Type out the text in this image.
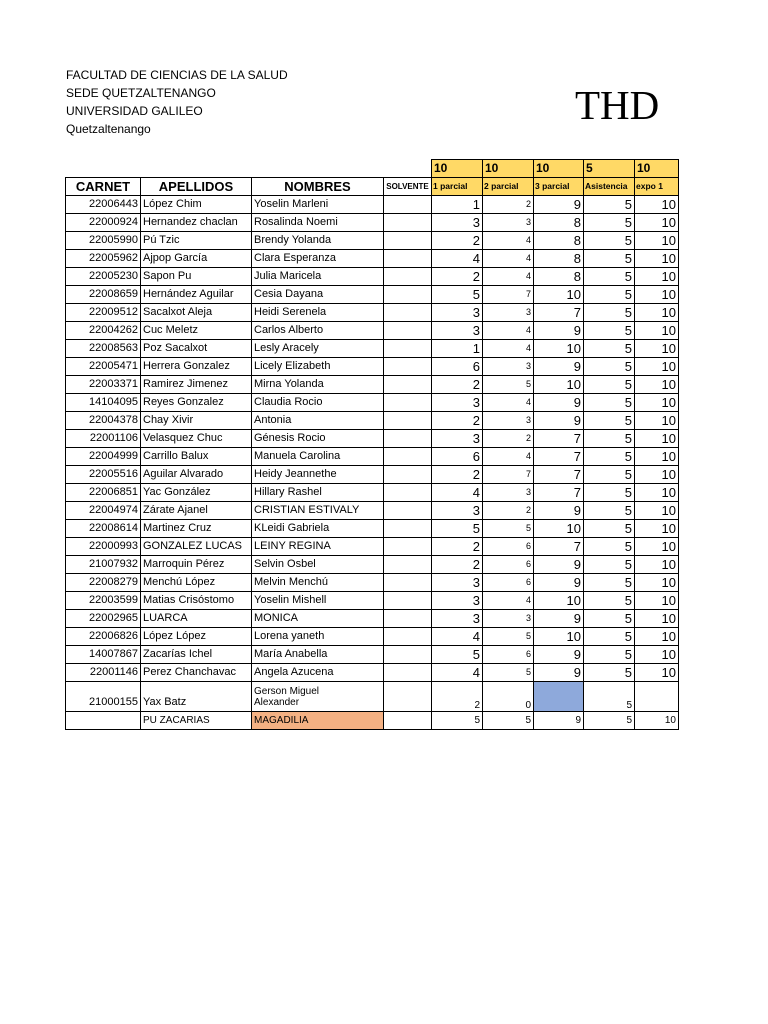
FACULTAD DE CIENCIAS DE LA SALUD
SEDE QUETZALTENANGO
UNIVERSIDAD GALILEO
Quetzaltenango
THD
				10	10	10	5	10
CARNET	APELLIDOS	NOMBRES	SOLVENTE	1 parcial	2 parcial	3 parcial	Asistencia	expo 1
22006443	López Chim	Yoselin Marleni		1	2	9	5	10
22000924	Hernandez chaclan	Rosalinda Noemi		3	3	8	5	10
22005990	Pú Tzic	Brendy Yolanda		2	4	8	5	10
22005962	Ajpop García	Clara Esperanza		4	4	8	5	10
22005230	Sapon Pu	Julia Maricela		2	4	8	5	10
22008659	Hernández Aguilar	Cesia Dayana		5	7	10	5	10
22009512	Sacalxot Aleja	Heidi Serenela		3	3	7	5	10
22004262	Cuc Meletz	Carlos Alberto		3	4	9	5	10
22008563	Poz Sacalxot	Lesly Aracely		1	4	10	5	10
22005471	Herrera Gonzalez	Licely Elizabeth		6	3	9	5	10
22003371	Ramirez Jimenez	Mirna Yolanda		2	5	10	5	10
14104095	Reyes Gonzalez	Claudia Rocio		3	4	9	5	10
22004378	Chay Xivir	Antonia		2	3	9	5	10
22001106	Velasquez Chuc	Génesis Rocio		3	2	7	5	10
22004999	Carrillo Balux	Manuela Carolina		6	4	7	5	10
22005516	Aguilar Alvarado	Heidy Jeannethe		2	7	7	5	10
22006851	Yac González	Hillary Rashel		4	3	7	5	10
22004974	Zárate Ajanel	CRISTIAN ESTIVALY		3	2	9	5	10
22008614	Martinez Cruz	KLeidi Gabriela		5	5	10	5	10
22000993	GONZALEZ LUCAS	LEINY REGINA		2	6	7	5	10
21007932	Marroquin Pérez	Selvin Osbel		2	6	9	5	10
22008279	Menchú López	Melvin Menchú		3	6	9	5	10
22003599	Matias Crisóstomo	Yoselin Mishell		3	4	10	5	10
22002965	LUARCA	MONICA		3	3	9	5	10
22006826	López López	Lorena yaneth		4	5	10	5	10
14007867	Zacarías Ichel	María Anabella		5	6	9	5	10
22001146	Perez Chanchavac	Angela Azucena		4	5	9	5	10
21000155	Yax Batz	Gerson Miguel
Alexander		2	0		5	
	PU ZACARIAS	MAGADILIA		5	5	9	5	10
